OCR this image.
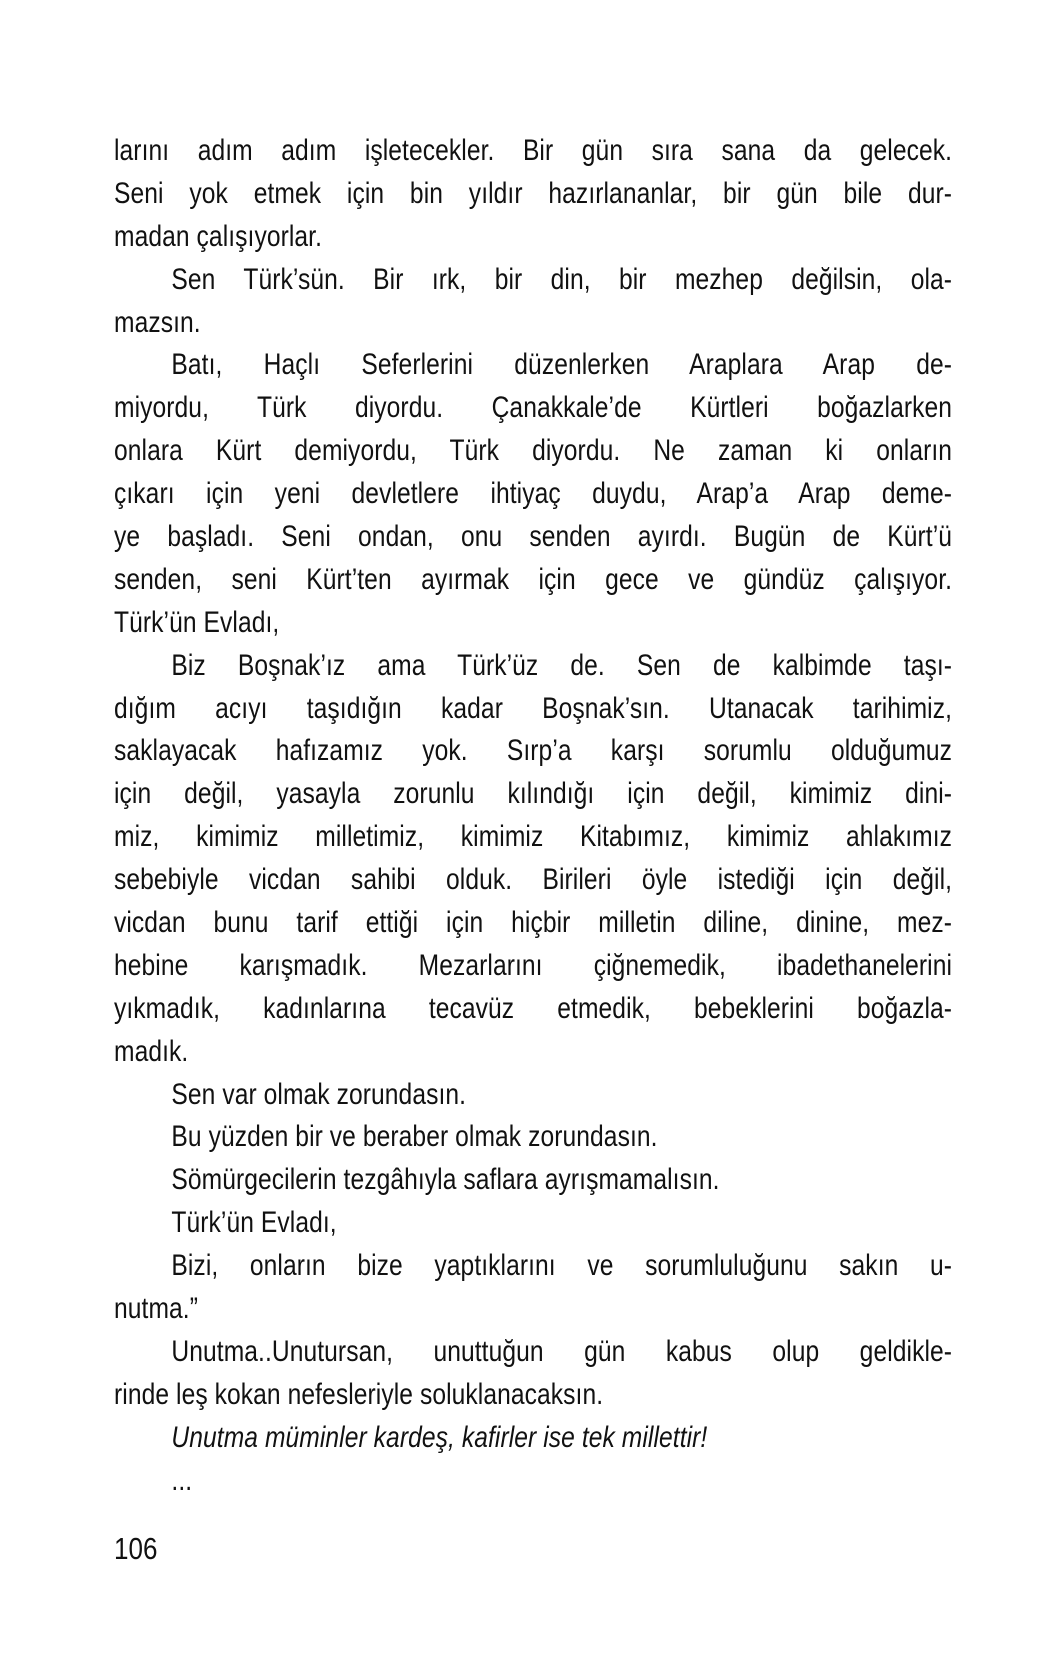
larını adım adım işletecekler. Bir gün sıra sana da gelecek.
Seni yok etmek için bin yıldır hazırlananlar, bir gün bile dur-
madan çalışıyorlar.
Sen Türk’sün. Bir ırk, bir din, bir mezhep değilsin, ola-
mazsın.
Batı, Haçlı Seferlerini düzenlerken Araplara Arap de-
miyordu, Türk diyordu. Çanakkale’de Kürtleri boğazlarken
onlara Kürt demiyordu, Türk diyordu. Ne zaman ki onların
çıkarı için yeni devletlere ihtiyaç duydu, Arap’a Arap deme-
ye başladı. Seni ondan, onu senden ayırdı. Bugün de Kürt’ü
senden, seni Kürt’ten ayırmak için gece ve gündüz çalışıyor.
Türk’ün Evladı,
Biz Boşnak’ız ama Türk’üz de. Sen de kalbimde taşı-
dığım acıyı taşıdığın kadar Boşnak’sın. Utanacak tarihimiz,
saklayacak hafızamız yok. Sırp’a karşı sorumlu olduğumuz
için değil, yasayla zorunlu kılındığı için değil, kimimiz dini-
miz, kimimiz milletimiz, kimimiz Kitabımız, kimimiz ahlakımız
sebebiyle vicdan sahibi olduk. Birileri öyle istediği için değil,
vicdan bunu tarif ettiği için hiçbir milletin diline, dinine, mez-
hebine karışmadık. Mezarlarını çiğnemedik, ibadethanelerini
yıkmadık, kadınlarına tecavüz etmedik, bebeklerini boğazla-
madık.
Sen var olmak zorundasın.
Bu yüzden bir ve beraber olmak zorundasın.
Sömürgecilerin tezgâhıyla saflara ayrışmamalısın.
Türk’ün Evladı,
Bizi, onların bize yaptıklarını ve sorumluluğunu sakın u-
nutma.”
Unutma..Unutursan, unuttuğun gün kabus olup geldikle-
rinde leş kokan nefesleriyle soluklanacaksın.
Unutma müminler kardeş, kafirler ise tek millettir!
...
106
